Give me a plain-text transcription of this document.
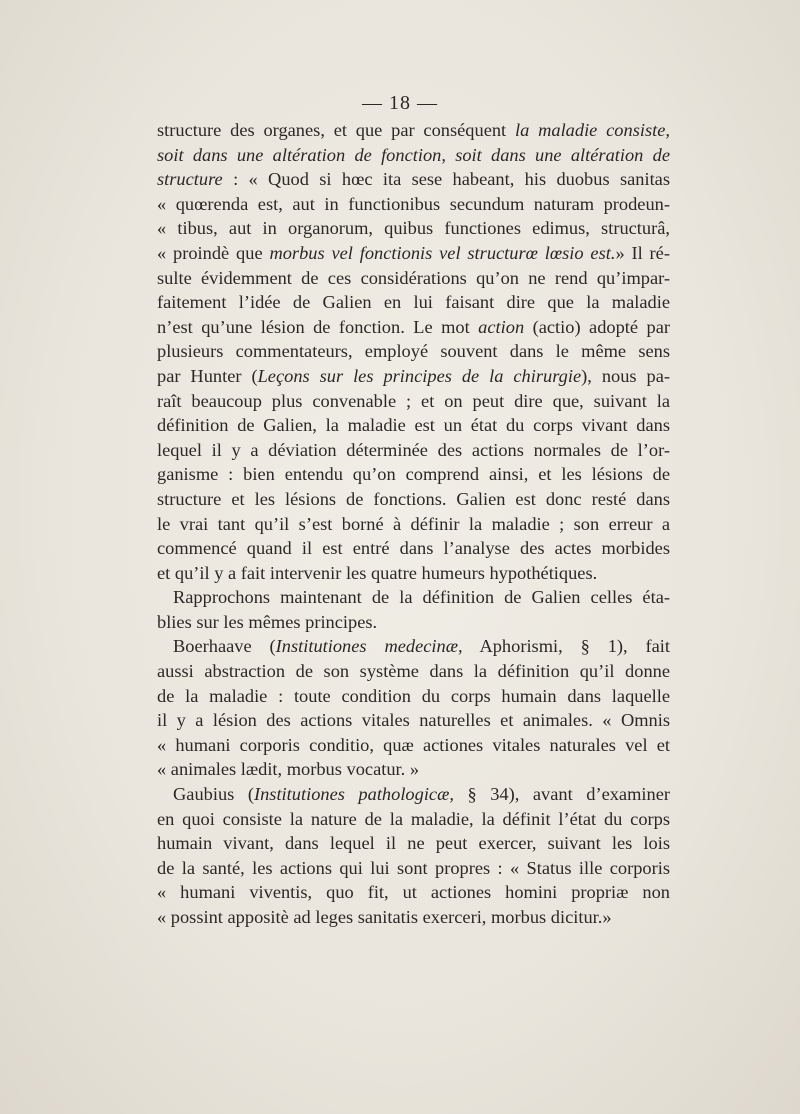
— 18 —
structure des organes, et que par conséquent la maladie consiste,
soit dans une altération de fonction, soit dans une altération de
structure : « Quod si hœc ita sese habeant, his duobus sanitas
« quœrenda est, aut in functionibus secundum naturam prodeun-
« tibus, aut in organorum, quibus functiones edimus, structurâ,
« proindè que morbus vel fonctionis vel structurœ lœsio est.» Il ré-
sulte évidemment de ces considérations qu’on ne rend qu’impar-
faitement l’idée de Galien en lui faisant dire que la maladie
n’est qu’une lésion de fonction. Le mot action (actio) adopté par
plusieurs commentateurs, employé souvent dans le même sens
par Hunter (Leçons sur les principes de la chirurgie), nous pa-
raît beaucoup plus convenable ; et on peut dire que, suivant la
définition de Galien, la maladie est un état du corps vivant dans
lequel il y a déviation déterminée des actions normales de l’or-
ganisme : bien entendu qu’on comprend ainsi, et les lésions de
structure et les lésions de fonctions. Galien est donc resté dans
le vrai tant qu’il s’est borné à définir la maladie ; son erreur a
commencé quand il est entré dans l’analyse des actes morbides
et qu’il y a fait intervenir les quatre humeurs hypothétiques.
Rapprochons maintenant de la définition de Galien celles éta-
blies sur les mêmes principes.
Boerhaave (Institutiones medecinæ, Aphorismi, § 1), fait
aussi abstraction de son système dans la définition qu’il donne
de la maladie : toute condition du corps humain dans laquelle
il y a lésion des actions vitales naturelles et animales. « Omnis
« humani corporis conditio, quæ actiones vitales naturales vel et
« animales lædit, morbus vocatur. »
Gaubius (Institutiones pathologicæ, § 34), avant d’examiner
en quoi consiste la nature de la maladie, la définit l’état du corps
humain vivant, dans lequel il ne peut exercer, suivant les lois
de la santé, les actions qui lui sont propres : « Status ille corporis
« humani viventis, quo fit, ut actiones homini propriæ non
« possint appositè ad leges sanitatis exerceri, morbus dicitur.»
